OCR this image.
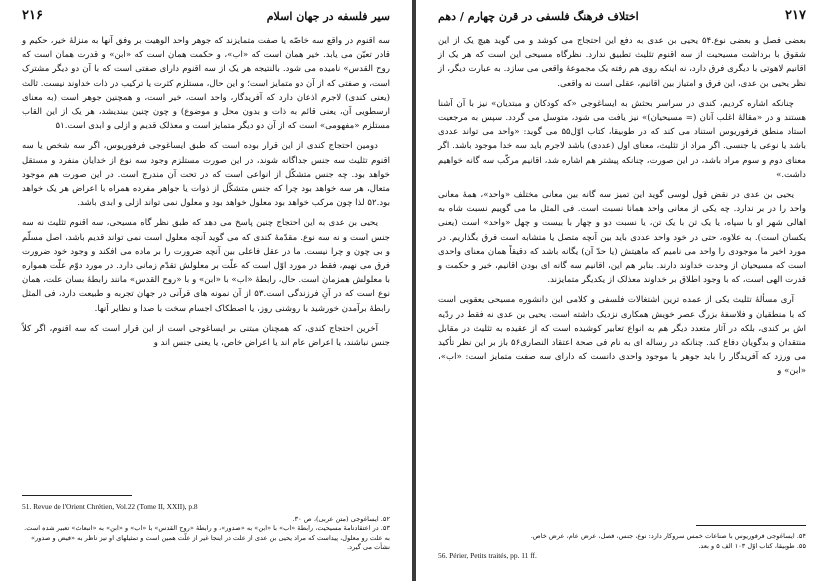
۲۱۶	سیر فلسفه در جهان اسلام

سه اقنوم در واقع سه خاصّه یا صفت متمایزند که جوهر واحد الوهیت بر وفق آنها به منزلهٔ خیر، حکیم و قادر تعیّن می یابد. خیر همان است که «اب»، و حکمت همان است که «ابن» و قدرت همان است که روح القدس» نامیده می شود. بالنتیجه هر یک از سه اقنوم دارای صفتی است که با آن دو دیگر مشترک است، و صفتی که از آن دو متمایز است؛ و این حال، مستلزم کثرت یا ترکیب در ذات خداوند نیست. ثالث (یعنی کندی) لاجرم اذعان دارد که آفریدگار، واحد است، خیر است، و همچنین جوهر است (به معنای ارسطویی آن، یعنی قائم به ذات و بدون محل و موضوع) و چون چنین بیندیشد، هر یک از این القاب مستلزم «مفهومی» است که از آن دو دیگر متمایز است و معذلک قدیم و ازلی و ابدی است.۵۱

دومین احتجاج کندی از این قرار بوده است که طبق ایساغوجی فرفوریوس، اگر سه شخص یا سه اقنوم تثلیث سه جنس جداگانه شوند، در این صورت مستلزم وجود سه نوع از خدایان منفرد و مستقل خواهد بود. چه جنس متشکّل از انواعی است که در تحت آن مندرج است. در این صورت هم موجود متعال، هر سه خواهد بود چرا که جنس متشکّل از ذوات یا جواهر مفرده همراه با اعراض هر یک خواهد بود.۵۲ لذا چون مرکب خواهد بود معلول خواهد بود و معلول نمی تواند ازلی و ابدی باشد.

یحیی بن عدی به این احتجاج چنین پاسخ می دهد که طبق نظر گاه مسیحی، سه اقنوم تثلیث نه سه جنس است و نه سه نوع. مقدّمهٔ کندی که می گوید آنچه معلول است نمی تواند قدیم باشد، اصل مسلّم و بی چون و چرا نیست. ما در عقل فاعلی بین آنچه ضرورت را بر ماده می افکند و وجود خود ضرورت فرق می نهیم، فقط در مورد اوّل است که علّت بر معلولش تقدّم زمانی دارد. در مورد دوّم علّت همواره با معلولش همزمان است. حال، رابطهٔ «اب» با «ابن» و با «روح القدس» مانند رابطهٔ بسان علت، همان نوع است که در آنِ فرزندگی است.۵۳ از آن نمونه های قرآنی در جهان تجربه و طبیعت دارد، فی المثل رابطهٔ برآمدن خورشید با روشنی روز، یا اصطکاک اجسام سخت با صدا و نظایر آنها.

آخرین احتجاج کندی، که همچنان مبتنی بر ایساغوجی است از این قرار است که سه اقنوم، اگر کلاً جنس نباشند، یا اعراض عام اند یا اعراض خاص، یا یعنی جنس اند و

51. Revue de l'Orient Chrétien, Vol.22 (Tome II, XXII), p.8
۵۲. ایساغوجی (متن عربی)، ص ۳۰.
۵۳. در اعتقادنامهٔ مسیحیت، رابطهٔ «اب» با «ابن» به «صدور»، و رابطهٔ «روح القدس» با «اب» و «ابن» به «انبعاث» تعبیر شده است. به علت رو معلول، پیداست که مراد یحیی بن عدی از علت در اینجا غیر از علّت همین است و تمثیلهای او نیز ناظر به «فیض و صدور» نشأت می گیرد.
۲۱۷
اختلاف فرهنگ فلسفی در قرن چهارم / دهم

بعضی فصل و بعضی نوع.۵۴ یحیی بن عدی به دفع این احتجاج می کوشد و می گوید هیچ یک از این شقوق با برداشت مسیحیت از سه اقنوم تثلیث تطبیق ندارد. نظرگاه مسیحی این است که هر یک از اقانیم لاهوتی با دیگری فرق دارد، نه اینکه روی هم رفته یک مجموعهٔ واقعی می سازد. به عبارت دیگر، از نظر یحیی بن عدی، این فرق و امتیاز بین اقانیم، عقلی است نه واقعی.

چنانکه اشاره کردیم، کندی در سراسر بحثش به ایساغوجی «که کودکان و مبتدیان» نیز با آن آشنا هستند و در «مقالهٔ اغلب آنان (= مسیحیان)» نیز یافت می شود، متوسل می گردد. سپس به مرجعیت استاد منطق فرفوریوس استناد می کند که در طوبیقا، کتاب اوّل۵۵ می گوید: «واحد می تواند عددی باشد یا نوعی یا جنسی. اگر مراد از تثلیث، معنای اول (عددی) باشد لاجرم باید سه خدا موجود باشد. اگر معنای دوم و سوم مراد باشد، در این صورت، چنانکه پیشتر هم اشاره شد، اقانیم مرکّب سه گانه خواهیم داشت.»

یحیی بن عدی در نقض قول لوسی گوید این تمیز سه گانه بین معانی مختلف «واحد»، همهٔ معانی واحد را در بر ندارد. چه یکی از معانی واحد همانا نسبت است. فی المثل ما می گوییم نسبت شاه به اهالی شهر او با سپاه، یا یک تن با یک تن، یا نسبت دو و چهار با بیست و چهل «واحد» است (یعنی یکسان است). به علاوه، حتی در خود واحد عددی باید بین آنچه متصل یا متشابه است فرق بگذاریم. در مورد اخیر ما موجودی را واحد می نامیم که ماهیتش (یا حدّ آن) یگانه باشد که دقیقاً همان معنای واحدی است که مسیحیان از وحدت خداوند دارند. بنابر هم این، اقانیم سه گانه ای بودن اقانیم، خیر و حکمت و قدرت الهی است، که با وجود اطلاق بر خداوند معذلک از یکدیگر متمایزند.

آری مسألهٔ تثلیث یکی از عمده ترین اشتغالات فلسفی و کلامی این دانشوره مسیحی یعقوبی است که با منطقیان و فلاسفهٔ بزرگ عصر خویش همکاری نزدیک داشته است. یحیی بن عدی نه فقط در ردّیه اش بر کندی، بلکه در آثار متعدد دیگر هم به انواع تعابیر کوشیده است که از عقیده به تثلیث در مقابل منتقدان و بدگویان دفاع کند. چنانکه در رساله ای به نام فی صحة اعتقاد النصاری۵۶ باز بر این نظر تأکید می ورزد که آفریدگار را باید جوهر یا موجود واحدی دانست که دارای سه صفت متمایز است: «اب»، «ابن» و

۵۴. ایساغوجی فرفوریوس با صناعات خمس سروکار دارد: نوع، جنس، فصل، عرض عام، عرض خاص.
۵۵. طوبیقا، کتاب اوّل ۱۰۳ الف ۵ و بعد.
56. Périer, Petits traités, pp. 11 ff.
